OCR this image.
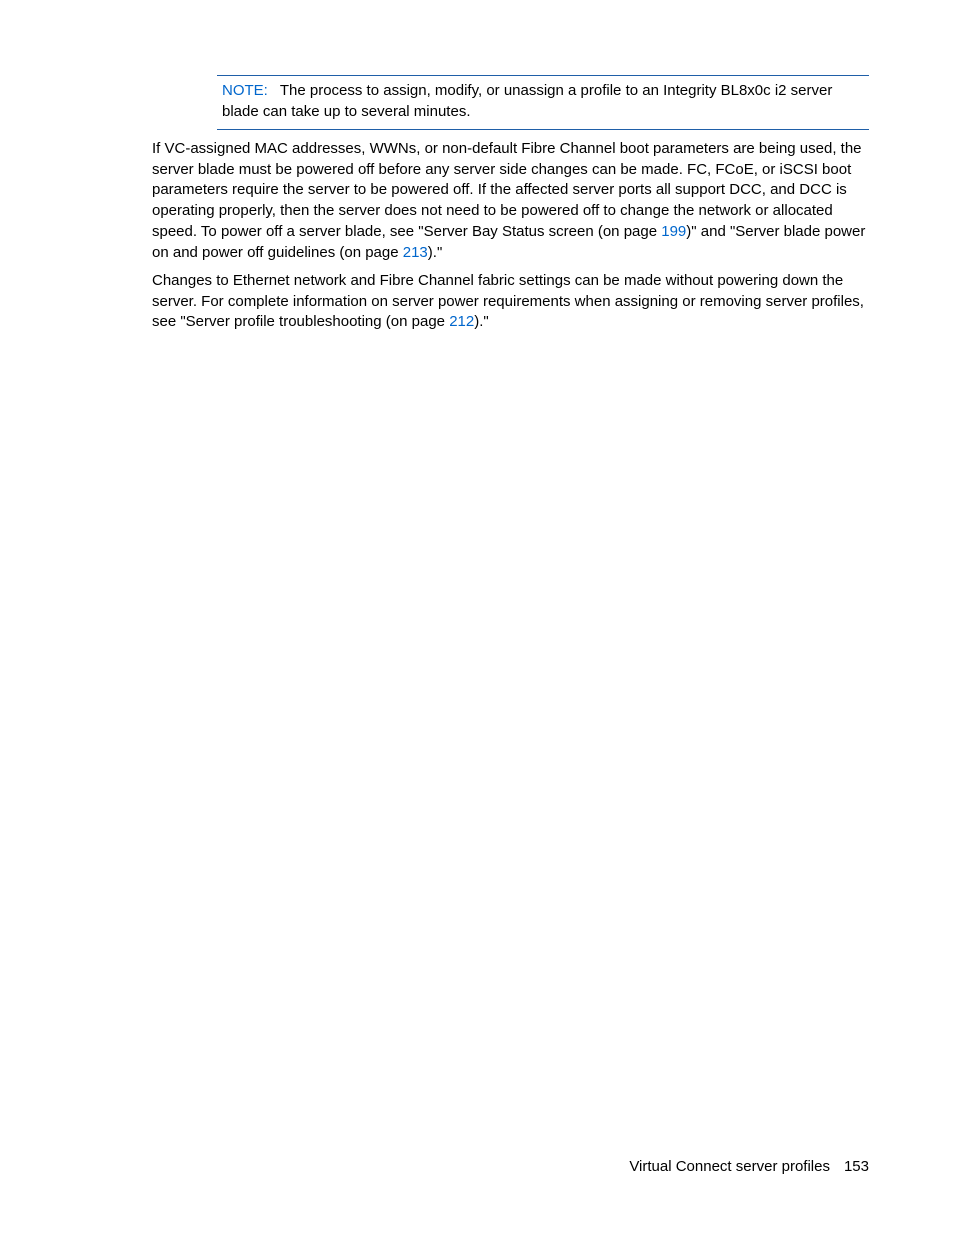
NOTE: The process to assign, modify, or unassign a profile to an Integrity BL8x0c i2 server blade can take up to several minutes.

If VC-assigned MAC addresses, WWNs, or non-default Fibre Channel boot parameters are being used, the server blade must be powered off before any server side changes can be made. FC, FCoE, or iSCSI boot parameters require the server to be powered off. If the affected server ports all support DCC, and DCC is operating properly, then the server does not need to be powered off to change the network or allocated speed. To power off a server blade, see "Server Bay Status screen (on page 199)" and "Server blade power on and power off guidelines (on page 213)."

Changes to Ethernet network and Fibre Channel fabric settings can be made without powering down the server. For complete information on server power requirements when assigning or removing server profiles, see "Server profile troubleshooting (on page 212)."

Virtual Connect server profiles 153
